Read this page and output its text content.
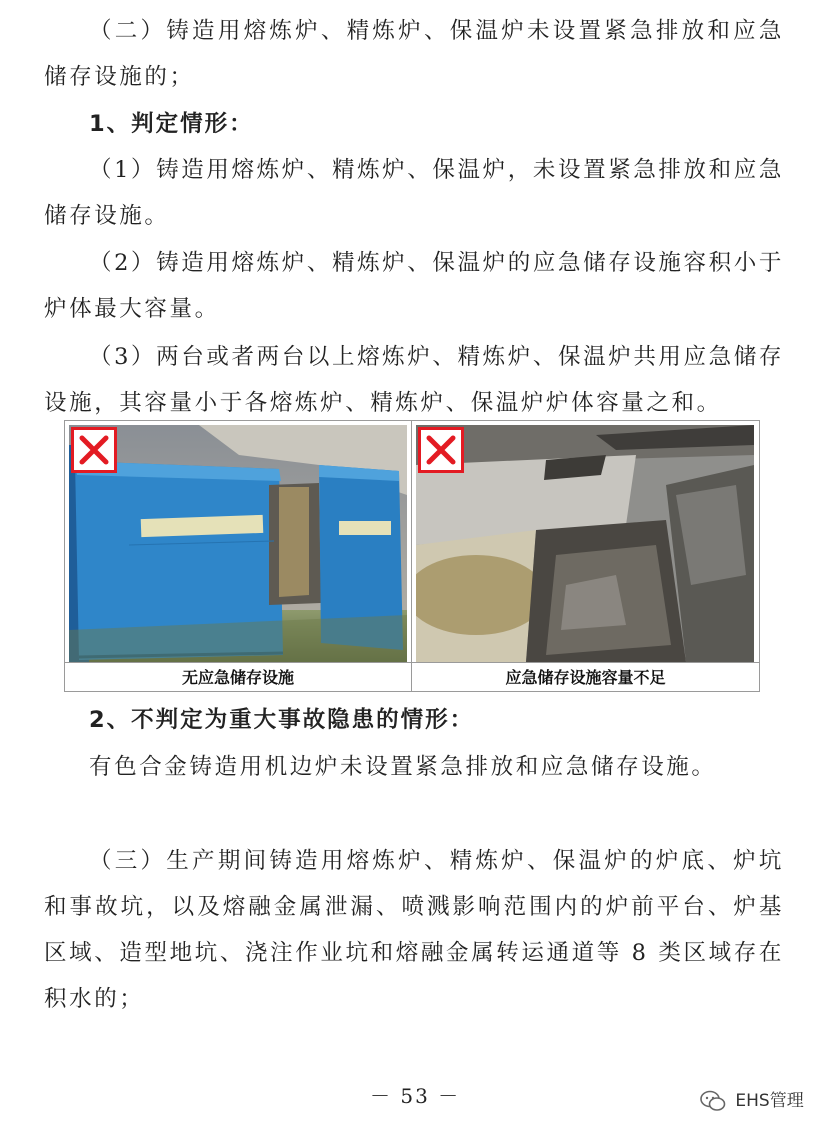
（二）铸造用熔炼炉、精炼炉、保温炉未设置紧急排放和应急储存设施的；

1、判定情形：

（1）铸造用熔炼炉、精炼炉、保温炉，未设置紧急排放和应急储存设施。

（2）铸造用熔炼炉、精炼炉、保温炉的应急储存设施容积小于炉体最大容量。

（3）两台或者两台以上熔炼炉、精炼炉、保温炉共用应急储存设施，其容量小于各熔炼炉、精炼炉、保温炉炉体容量之和。

无应急储存设施	应急储存设施容量不足

2、不判定为重大事故隐患的情形：

有色合金铸造用机边炉未设置紧急排放和应急储存设施。

（三）生产期间铸造用熔炼炉、精炼炉、保温炉的炉底、炉坑和事故坑，以及熔融金属泄漏、喷溅影响范围内的炉前平台、炉基区域、造型地坑、浇注作业坑和熔融金属转运通道等 8 类区域存在积水的；

－ 53 －	EHS管理
